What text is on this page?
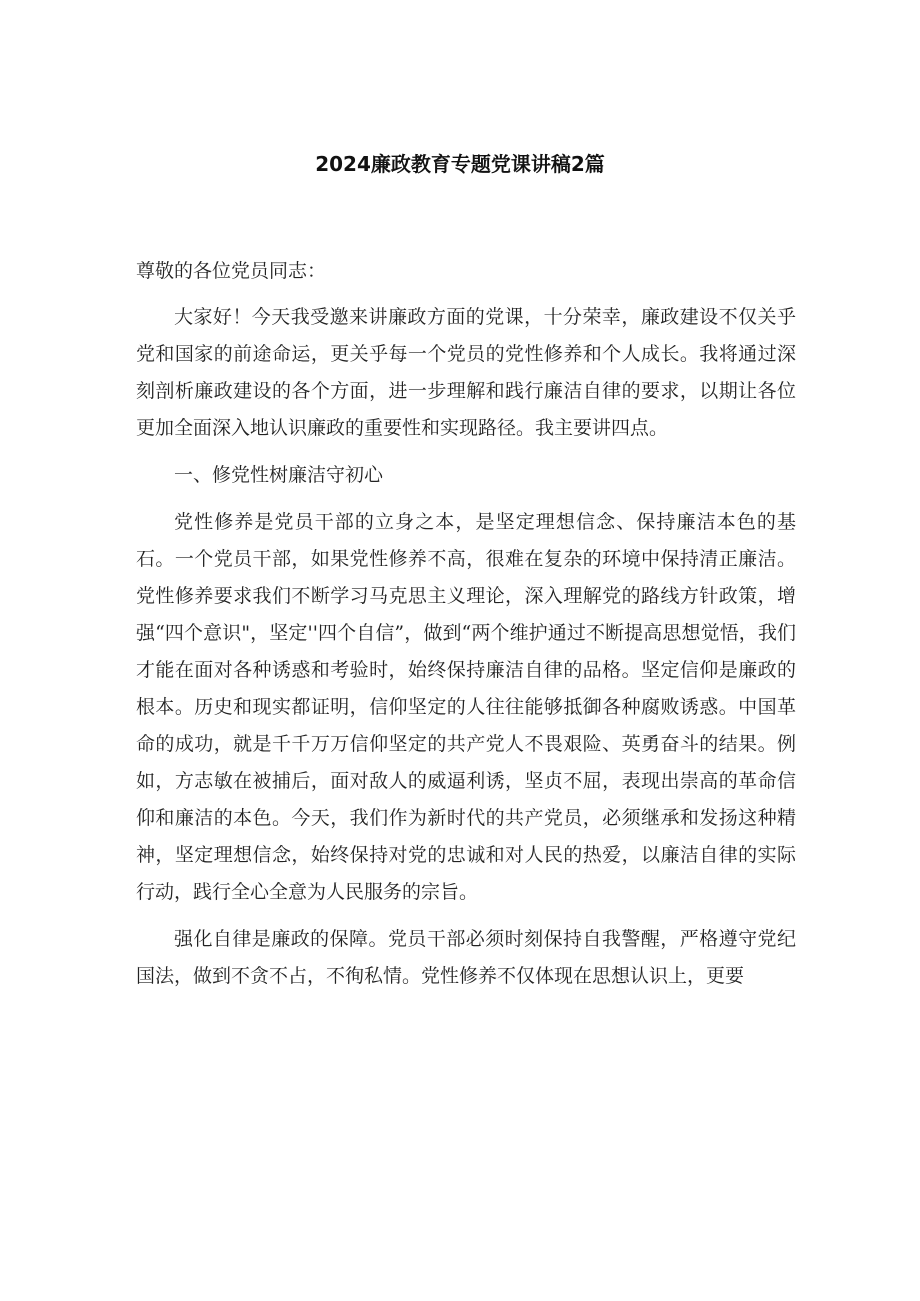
2024廉政教育专题党课讲稿2篇

尊敬的各位党员同志：

大家好！今天我受邀来讲廉政方面的党课，十分荣幸，廉政建设不仅关乎党和国家的前途命运，更关乎每一个党员的党性修养和个人成长。我将通过深刻剖析廉政建设的各个方面，进一步理解和践行廉洁自律的要求，以期让各位更加全面深入地认识廉政的重要性和实现路径。我主要讲四点。

一、修党性树廉洁守初心

党性修养是党员干部的立身之本，是坚定理想信念、保持廉洁本色的基石。一个党员干部，如果党性修养不高，很难在复杂的环境中保持清正廉洁。党性修养要求我们不断学习马克思主义理论，深入理解党的路线方针政策，增强“四个意识"，坚定''四个自信”，做到“两个维护通过不断提高思想觉悟，我们才能在面对各种诱惑和考验时，始终保持廉洁自律的品格。坚定信仰是廉政的根本。历史和现实都证明，信仰坚定的人往往能够抵御各种腐败诱惑。中国革命的成功，就是千千万万信仰坚定的共产党人不畏艰险、英勇奋斗的结果。例如，方志敏在被捕后，面对敌人的威逼利诱，坚贞不屈，表现出崇高的革命信仰和廉洁的本色。今天，我们作为新时代的共产党员，必须继承和发扬这种精神，坚定理想信念，始终保持对党的忠诚和对人民的热爱，以廉洁自律的实际行动，践行全心全意为人民服务的宗旨。

强化自律是廉政的保障。党员干部必须时刻保持自我警醒，严格遵守党纪国法，做到不贪不占，不徇私情。党性修养不仅体现在思想认识上，更要
